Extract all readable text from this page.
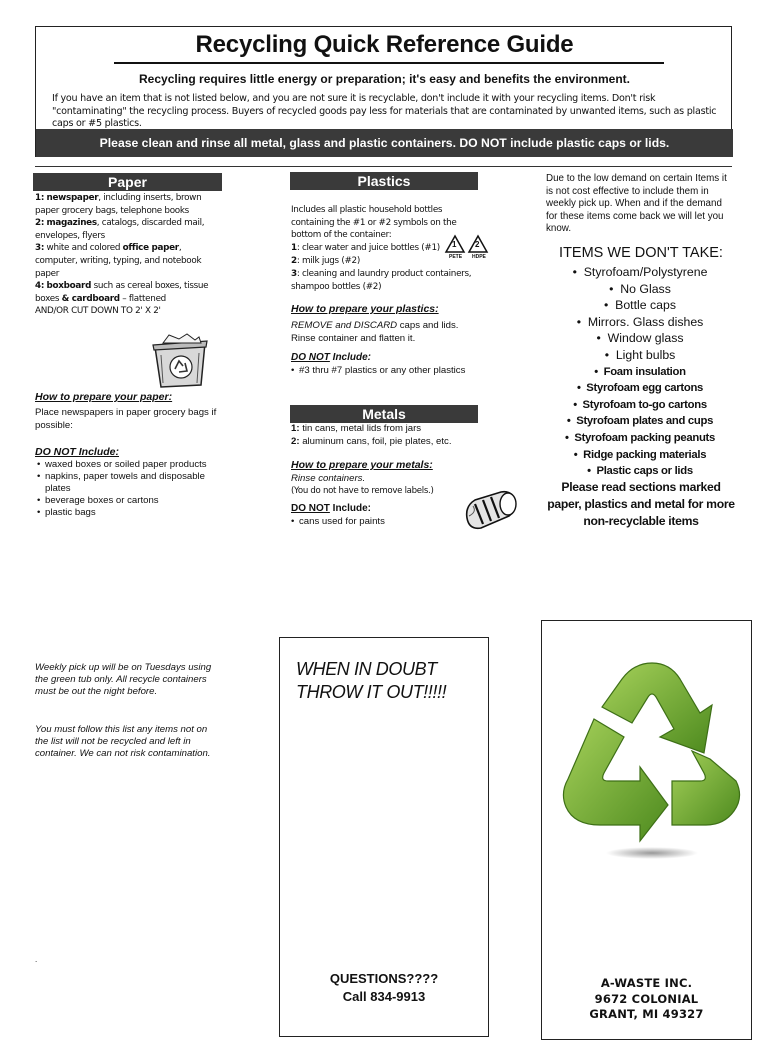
Recycling Quick Reference Guide
Recycling requires little energy or preparation; it's easy and benefits the environment.
If you have an item that is not listed below, and you are not sure it is recyclable, don't include it with your recycling items. Don't risk "contaminating" the recycling process. Buyers of recycled goods pay less for materials that are contaminated by unwanted items, such as plastic caps or #5 plastics.
Please clean and rinse all metal, glass and plastic containers. DO NOT include plastic caps or lids.
Paper
1: newspaper, including inserts, brown paper grocery bags, telephone books
2: magazines, catalogs, discarded mail, envelopes, flyers
3: white and colored office paper, computer, writing, typing, and notebook paper
4: boxboard such as cereal boxes, tissue boxes & cardboard – flattened
AND/OR CUT DOWN TO 2' X 2'
How to prepare your paper:
Place newspapers in paper grocery bags if possible:
DO NOT Include:
• waxed boxes or soiled paper products
• napkins, paper towels and disposable plates
• beverage boxes or cartons
• plastic bags
Plastics
Includes all plastic household bottles containing the #1 or #2 symbols on the bottom of the container:
1: clear water and juice bottles (#1)
2: milk jugs (#2)
3: cleaning and laundry product containers, shampoo bottles (#2)
1 2
PETE HDPE
How to prepare your plastics:
REMOVE and DISCARD caps and lids. Rinse container and flatten it.
DO NOT Include:
• #3 thru #7 plastics or any other plastics
Metals
1: tin cans, metal lids from jars
2: aluminum cans, foil, pie plates, etc.
How to prepare your metals:
Rinse containers.
(You do not have to remove labels.)
DO NOT Include:
• cans used for paints
Due to the low demand on certain Items it is not cost effective to include them in weekly pick up. When and if the demand for these items come back we will let you know.
ITEMS WE DON'T TAKE:
•  Styrofoam/Polystyrene
•  No Glass
•  Bottle caps
•  Mirrors. Glass dishes
•  Window glass
•  Light bulbs
•  Foam insulation
•  Styrofoam egg cartons
•  Styrofoam to-go cartons
•  Styrofoam plates and cups
•  Styrofoam packing peanuts
•  Ridge packing materials
•  Plastic caps or lids
Please read sections marked paper, plastics and metal for more non-recyclable items
Weekly pick up will be on Tuesdays using the green tub only. All recycle containers must be out the night before.
You must follow this list any items not on the list will not be recycled and left in container. We can not risk contamination.
.
WHEN IN DOUBT
THROW IT OUT!!!!!
QUESTIONS????
Call 834-9913
A-WASTE INC.
9672 COLONIAL
GRANT, MI 49327
